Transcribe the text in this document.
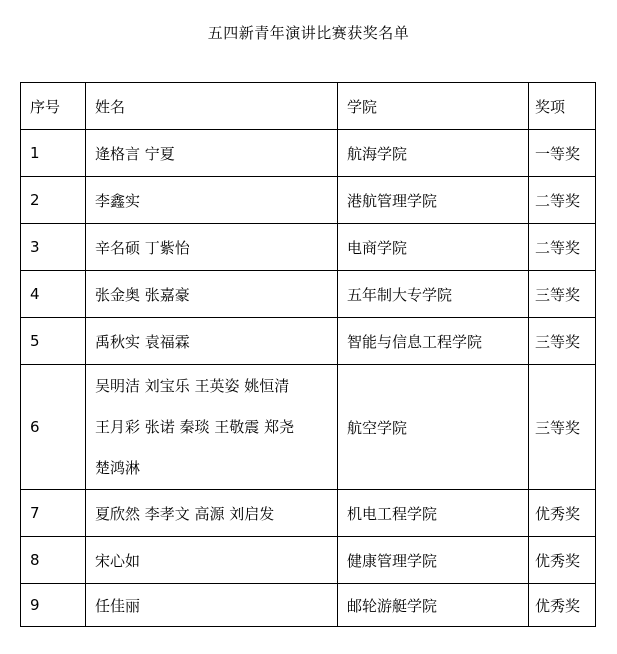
五四新青年演讲比赛获奖名单
序号	姓名	学院	奖项
1	逄格言 宁夏	航海学院	一等奖
2	李鑫实	港航管理学院	二等奖
3	辛名硕 丁紫怡	电商学院	二等奖
4	张金奥 张嘉豪	五年制大专学院	三等奖
5	禹秋实 袁福霖	智能与信息工程学院	三等奖
6	吴明洁 刘宝乐 王英姿 姚恒清
王月彩 张诺 秦琰 王敬震 郑尧
楚鸿淋	航空学院	三等奖
7	夏欣然 李孝文 高源 刘启发	机电工程学院	优秀奖
8	宋心如	健康管理学院	优秀奖
9	任佳丽	邮轮游艇学院	优秀奖
